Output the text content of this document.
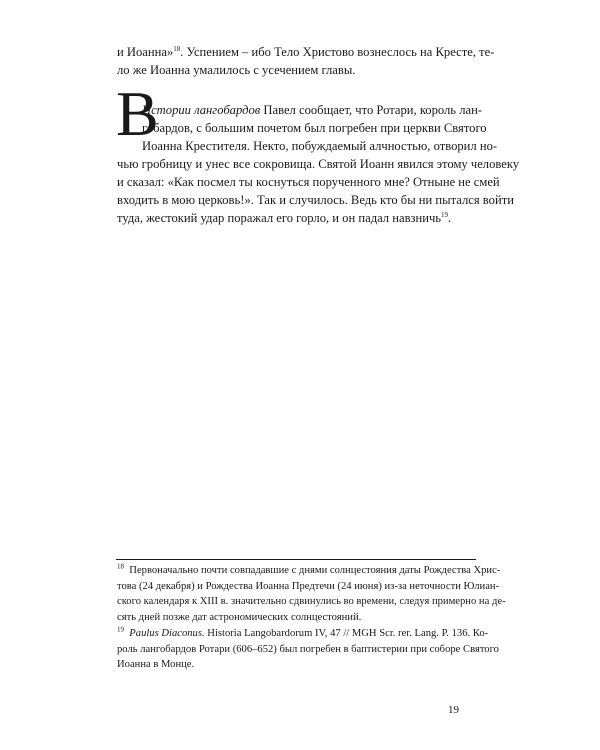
и Иоанна»$^{18}$. Успением – ибо Тело Христово вознеслось на Кресте, те-
ло же Иоанна умалилось с усечением главы.

В

Истории лангобардов Павел сообщает, что Ротари, король лан-
гобардов, с большим почетом был погребен при церкви Святого
Иоанна Крестителя. Некто, побуждаемый алчностью, отворил но-
чью гробницу и унес все сокровища. Святой Иоанн явился этому человеку
и сказал: «Как посмел ты коснуться порученного мне? Отныне не смей
входить в мою церковь!». Так и случилось. Ведь кто бы ни пытался войти
туда, жестокий удар поражал его горло, и он падал навзничь$^{19}$.

$^{18}$ Первоначально почти совпадавшие с днями солнцестояния даты Рождества Хрис-
това (24 декабря) и Рождества Иоанна Предтечи (24 июня) из-за неточности Юлиан-
ского календаря к XIII в. значительно сдвинулись во времени, следуя примерно на де-
сять дней позже дат астрономических солнцестояний.
$^{19}$ Paulus Diaconus. Historia Langobardorum IV, 47 // MGH Scr. rer. Lang. P. 136. Ко-
роль лангобардов Ротари (606–652) был погребен в баптистерии при соборе Святого
Иоанна в Монце.
19
